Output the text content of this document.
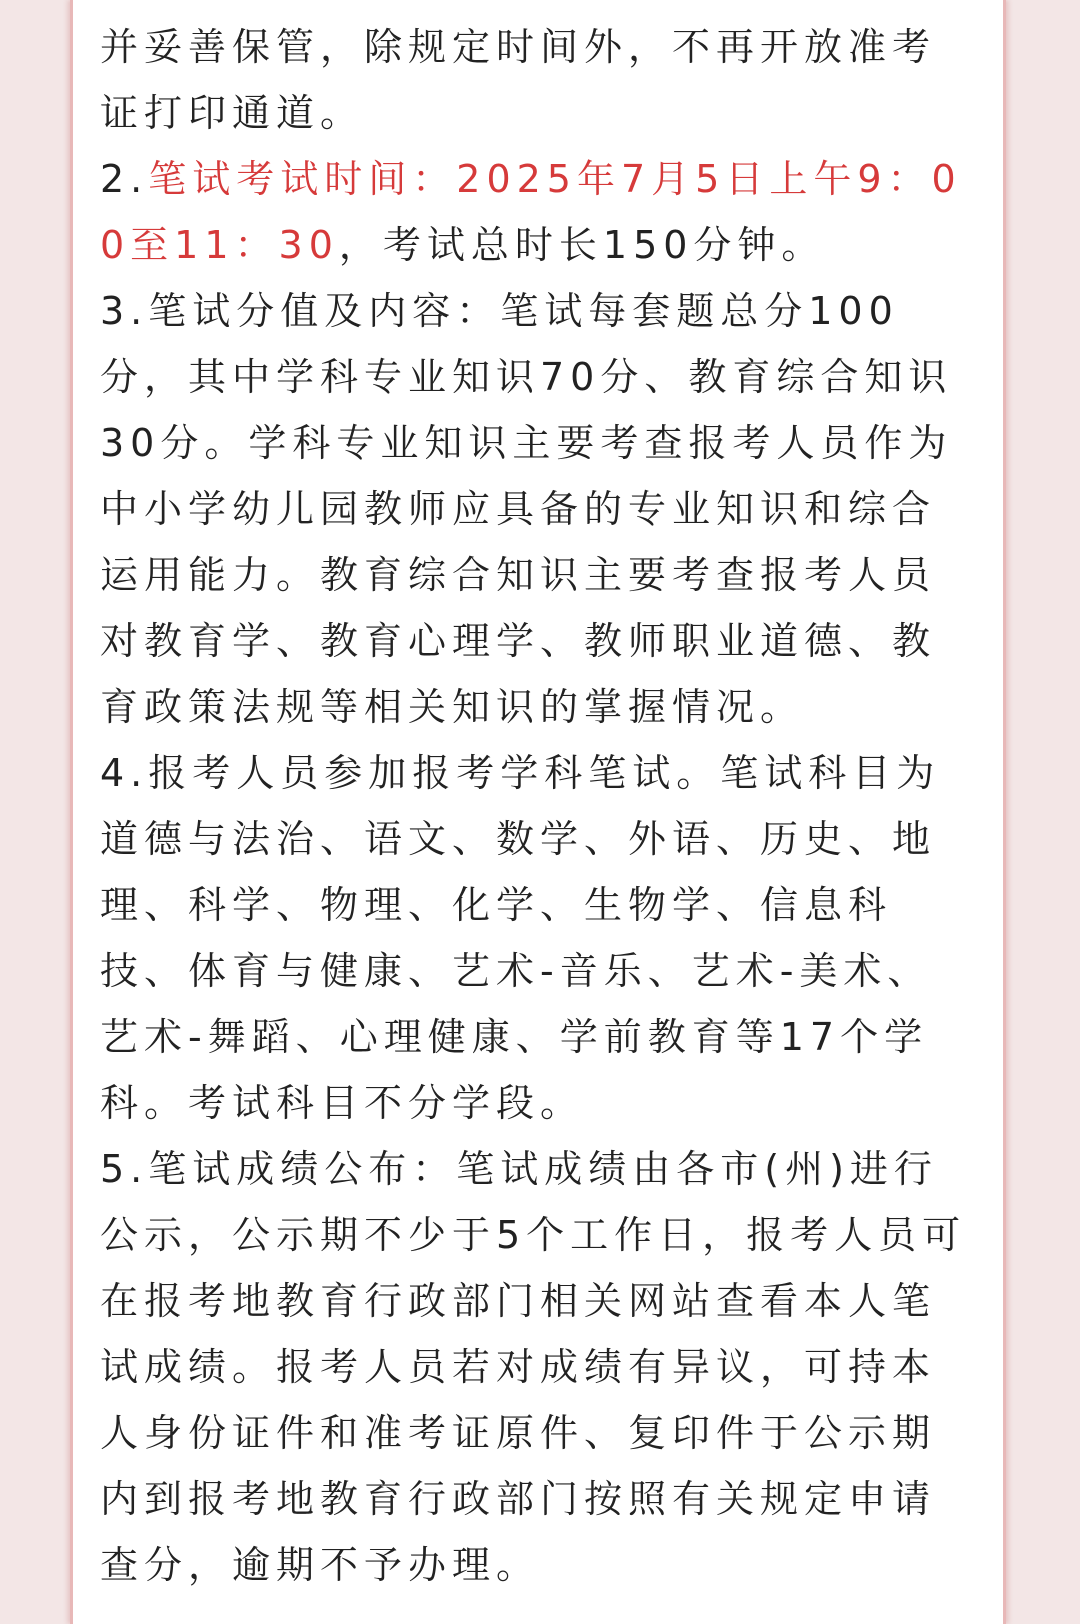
并妥善保管，除规定时间外，不再开放准考证打印通道。

2.笔试考试时间：2025年7月5日上午9：00至11：30，考试总时长150分钟。

3.笔试分值及内容：笔试每套题总分100分，其中学科专业知识70分、教育综合知识30分。学科专业知识主要考查报考人员作为中小学幼儿园教师应具备的专业知识和综合运用能力。教育综合知识主要考查报考人员对教育学、教育心理学、教师职业道德、教育政策法规等相关知识的掌握情况。

4.报考人员参加报考学科笔试。笔试科目为道德与法治、语文、数学、外语、历史、地理、科学、物理、化学、生物学、信息科技、体育与健康、艺术-音乐、艺术-美术、艺术-舞蹈、心理健康、学前教育等17个学科。考试科目不分学段。

5.笔试成绩公布：笔试成绩由各市(州)进行公示，公示期不少于5个工作日，报考人员可在报考地教育行政部门相关网站查看本人笔试成绩。报考人员若对成绩有异议，可持本人身份证件和准考证原件、复印件于公示期内到报考地教育行政部门按照有关规定申请查分，逾期不予办理。
